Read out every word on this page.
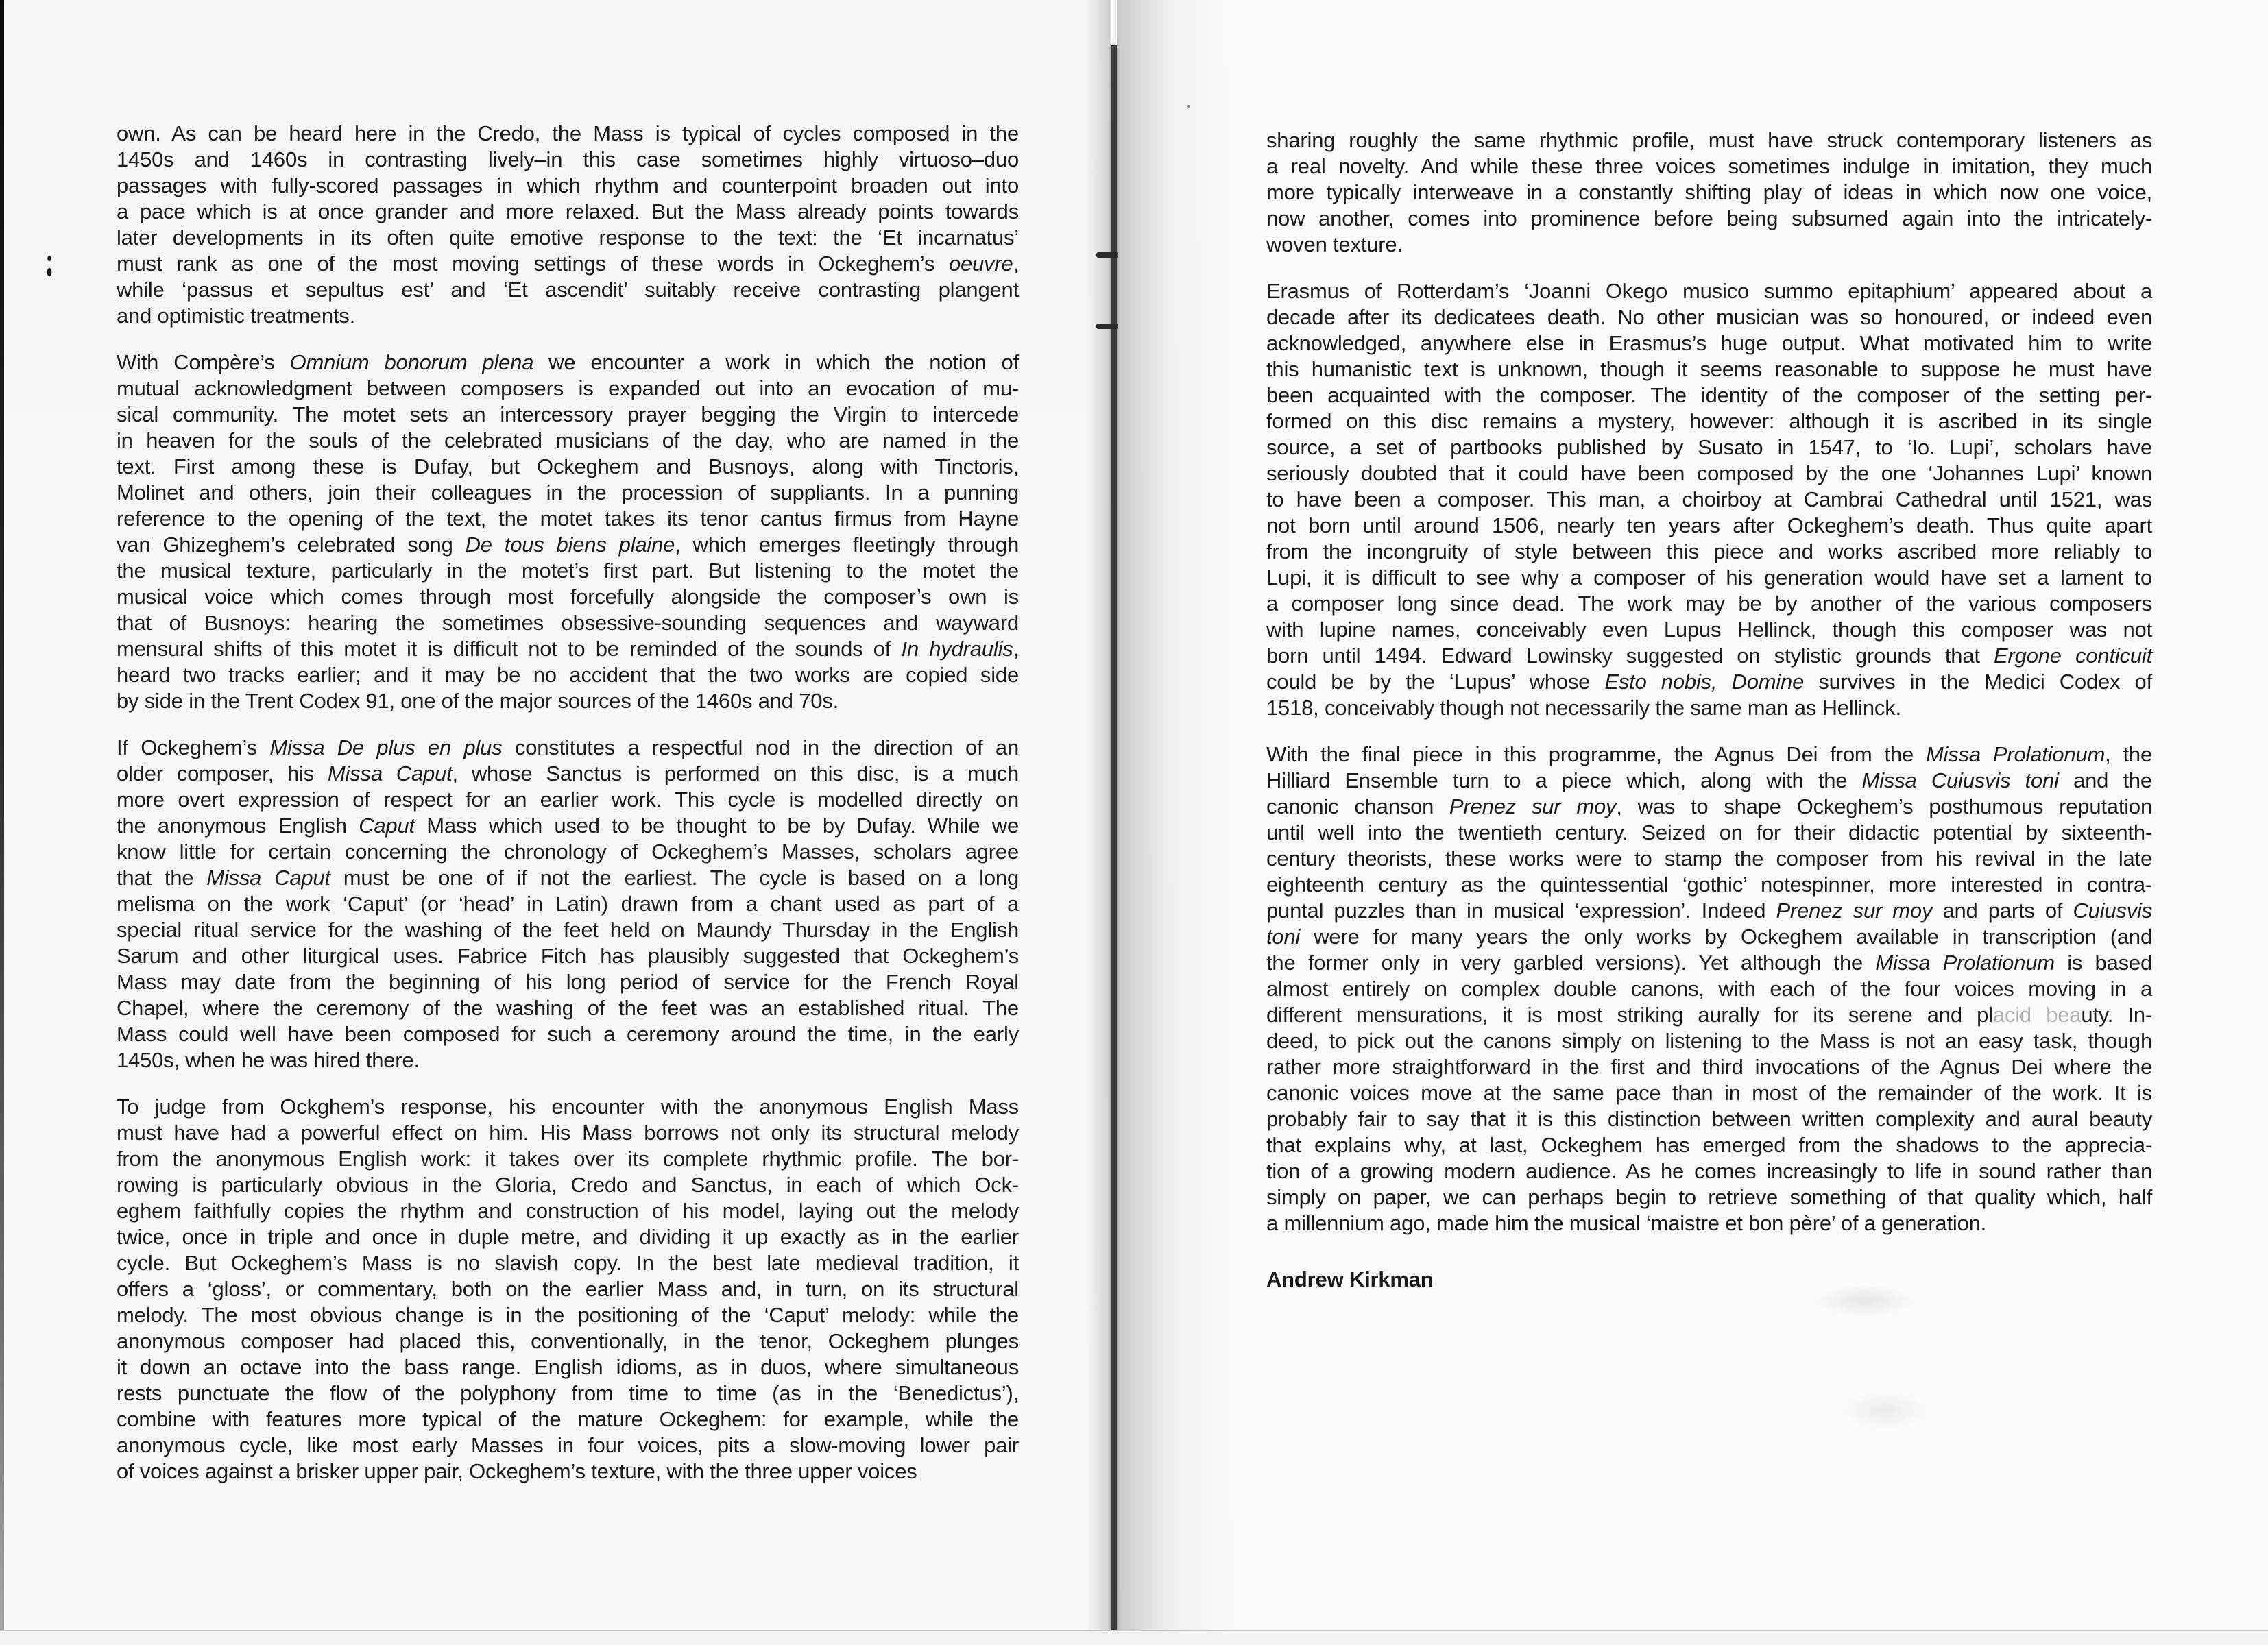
own. As can be heard here in the Credo, the Mass is typical of cycles composed in the
1450s and 1460s in contrasting lively–in this case sometimes highly virtuoso–duo
passages with fully-scored passages in which rhythm and counterpoint broaden out into
a pace which is at once grander and more relaxed. But the Mass already points towards
later developments in its often quite emotive response to the text: the ‘Et incarnatus’
must rank as one of the most moving settings of these words in Ockeghem’s oeuvre,
while ‘passus et sepultus est’ and ‘Et ascendit’ suitably receive contrasting plangent
and optimistic treatments.
With Compère’s Omnium bonorum plena we encounter a work in which the notion of
mutual acknowledgment between composers is expanded out into an evocation of mu-
sical community. The motet sets an intercessory prayer begging the Virgin to intercede
in heaven for the souls of the celebrated musicians of the day, who are named in the
text. First among these is Dufay, but Ockeghem and Busnoys, along with Tinctoris,
Molinet and others, join their colleagues in the procession of suppliants. In a punning
reference to the opening of the text, the motet takes its tenor cantus firmus from Hayne
van Ghizeghem’s celebrated song De tous biens plaine, which emerges fleetingly through
the musical texture, particularly in the motet’s first part. But listening to the motet the
musical voice which comes through most forcefully alongside the composer’s own is
that of Busnoys: hearing the sometimes obsessive-sounding sequences and wayward
mensural shifts of this motet it is difficult not to be reminded of the sounds of In hydraulis,
heard two tracks earlier; and it may be no accident that the two works are copied side
by side in the Trent Codex 91, one of the major sources of the 1460s and 70s.
If Ockeghem’s Missa De plus en plus constitutes a respectful nod in the direction of an
older composer, his Missa Caput, whose Sanctus is performed on this disc, is a much
more overt expression of respect for an earlier work. This cycle is modelled directly on
the anonymous English Caput Mass which used to be thought to be by Dufay. While we
know little for certain concerning the chronology of Ockeghem’s Masses, scholars agree
that the Missa Caput must be one of if not the earliest. The cycle is based on a long
melisma on the work ‘Caput’ (or ‘head’ in Latin) drawn from a chant used as part of a
special ritual service for the washing of the feet held on Maundy Thursday in the English
Sarum and other liturgical uses. Fabrice Fitch has plausibly suggested that Ockeghem’s
Mass may date from the beginning of his long period of service for the French Royal
Chapel, where the ceremony of the washing of the feet was an established ritual. The
Mass could well have been composed for such a ceremony around the time, in the early
1450s, when he was hired there.
To judge from Ockghem’s response, his encounter with the anonymous English Mass
must have had a powerful effect on him. His Mass borrows not only its structural melody
from the anonymous English work: it takes over its complete rhythmic profile. The bor-
rowing is particularly obvious in the Gloria, Credo and Sanctus, in each of which Ock-
eghem faithfully copies the rhythm and construction of his model, laying out the melody
twice, once in triple and once in duple metre, and dividing it up exactly as in the earlier
cycle. But Ockeghem’s Mass is no slavish copy. In the best late medieval tradition, it
offers a ‘gloss’, or commentary, both on the earlier Mass and, in turn, on its structural
melody. The most obvious change is in the positioning of the ‘Caput’ melody: while the
anonymous composer had placed this, conventionally, in the tenor, Ockeghem plunges
it down an octave into the bass range. English idioms, as in duos, where simultaneous
rests punctuate the flow of the polyphony from time to time (as in the ‘Benedictus’),
combine with features more typical of the mature Ockeghem: for example, while the
anonymous cycle, like most early Masses in four voices, pits a slow-moving lower pair
of voices against a brisker upper pair, Ockeghem’s texture, with the three upper voices
sharing roughly the same rhythmic profile, must have struck contemporary listeners as
a real novelty. And while these three voices sometimes indulge in imitation, they much
more typically interweave in a constantly shifting play of ideas in which now one voice,
now another, comes into prominence before being subsumed again into the intricately-
woven texture.
Erasmus of Rotterdam’s ‘Joanni Okego musico summo epitaphium’ appeared about a
decade after its dedicatees death. No other musician was so honoured, or indeed even
acknowledged, anywhere else in Erasmus’s huge output. What motivated him to write
this humanistic text is unknown, though it seems reasonable to suppose he must have
been acquainted with the composer. The identity of the composer of the setting per-
formed on this disc remains a mystery, however: although it is ascribed in its single
source, a set of partbooks published by Susato in 1547, to ‘Io. Lupi’, scholars have
seriously doubted that it could have been composed by the one ‘Johannes Lupi’ known
to have been a composer. This man, a choirboy at Cambrai Cathedral until 1521, was
not born until around 1506, nearly ten years after Ockeghem’s death. Thus quite apart
from the incongruity of style between this piece and works ascribed more reliably to
Lupi, it is difficult to see why a composer of his generation would have set a lament to
a composer long since dead. The work may be by another of the various composers
with lupine names, conceivably even Lupus Hellinck, though this composer was not
born until 1494. Edward Lowinsky suggested on stylistic grounds that Ergone conticuit
could be by the ‘Lupus’ whose Esto nobis, Domine survives in the Medici Codex of
1518, conceivably though not necessarily the same man as Hellinck.
With the final piece in this programme, the Agnus Dei from the Missa Prolationum, the
Hilliard Ensemble turn to a piece which, along with the Missa Cuiusvis toni and the
canonic chanson Prenez sur moy, was to shape Ockeghem’s posthumous reputation
until well into the twentieth century. Seized on for their didactic potential by sixteenth-
century theorists, these works were to stamp the composer from his revival in the late
eighteenth century as the quintessential ‘gothic’ notespinner, more interested in contra-
puntal puzzles than in musical ‘expression’. Indeed Prenez sur moy and parts of Cuiusvis
toni were for many years the only works by Ockeghem available in transcription (and
the former only in very garbled versions). Yet although the Missa Prolationum is based
almost entirely on complex double canons, with each of the four voices moving in a
different mensurations, it is most striking aurally for its serene and placid beauty. In-
deed, to pick out the canons simply on listening to the Mass is not an easy task, though
rather more straightforward in the first and third invocations of the Agnus Dei where the
canonic voices move at the same pace than in most of the remainder of the work. It is
probably fair to say that it is this distinction between written complexity and aural beauty
that explains why, at last, Ockeghem has emerged from the shadows to the apprecia-
tion of a growing modern audience. As he comes increasingly to life in sound rather than
simply on paper, we can perhaps begin to retrieve something of that quality which, half
a millennium ago, made him the musical ‘maistre et bon père’ of a generation.
Andrew Kirkman
